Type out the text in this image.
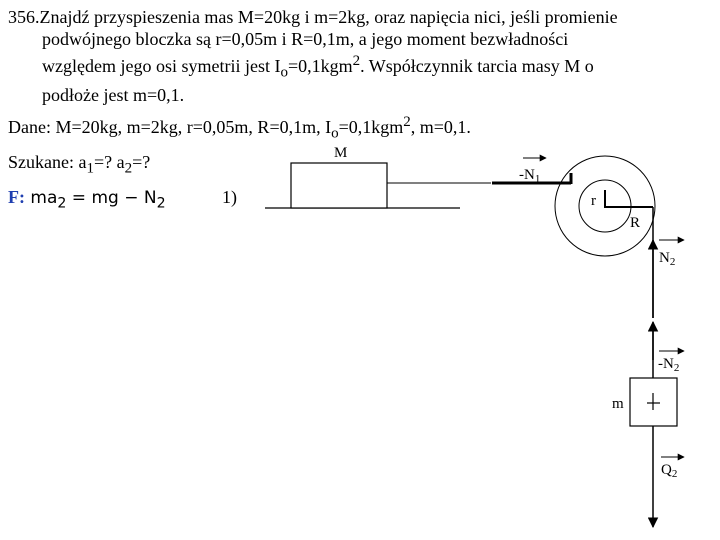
356.Znajdź przyspieszenia mas M=20kg i m=2kg, oraz napięcia nici, jeśli promienie
podwójnego bloczka są r=0,05m i R=0,1m, a jego moment bezwładności
względem jego osi symetrii jest $I_o=0,1kgm^2$. Współczynnik tarcia masy M o
podłoże jest m=0,1.
Dane: M=20kg, m=2kg, r=0,05m, R=0,1m, $I_o=0,1kgm^2$, m=0,1.
Szukane: $a_1=$? $a_2=$?
F: $ma_2$ = mg − $N_2$	1)
M
r
R
$-N_1$
$N_2$
$-N_2$
m
$Q_2$
